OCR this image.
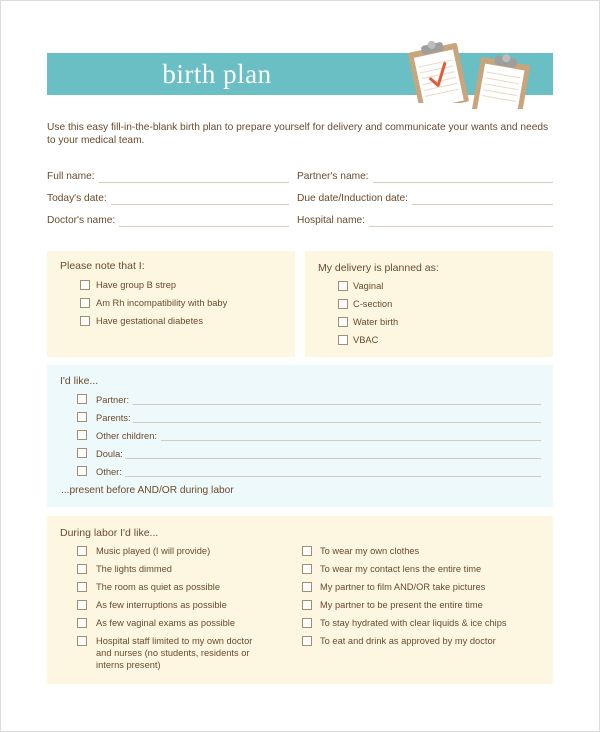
birth plan
Use this easy fill-in-the-blank birth plan to prepare yourself for delivery and communicate your wants and needs to your medical team.
Full name:	Partner's name:
Today's date:	Due date/Induction date:
Doctor's name:	Hospital name:
Please note that I:
Have group B strep
Am Rh incompatibility with baby
Have gestational diabetes
My delivery is planned as:
Vaginal
C-section
Water birth
VBAC
I'd like...
Partner:
Parents:
Other children:
Doula:
Other:
...present before AND/OR during labor
During labor I'd like...
Music played (I will provide)
The lights dimmed
The room as quiet as possible
As few interruptions as possible
As few vaginal exams as possible
Hospital staff limited to my own doctor
and nurses (no students, residents or
interns present)
To wear my own clothes
To wear my contact lens the entire time
My partner to film AND/OR take pictures
My partner to be present the entire time
To stay hydrated with clear liquids & ice chips
To eat and drink as approved by my doctor
